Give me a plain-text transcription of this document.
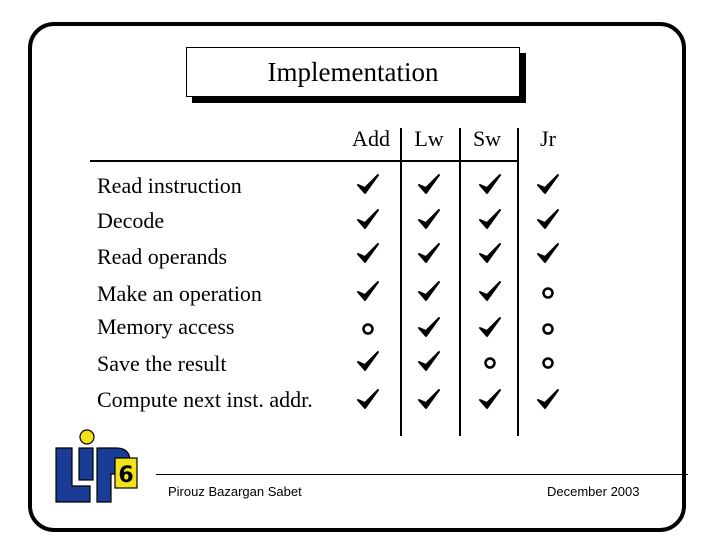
Implementation
Add Lw Sw Jr
Read instruction
Decode
Read operands
Make an operation
Memory access
Save the result
Compute next inst. addr.
6
Pirouz Bazargan Sabet	December 2003
